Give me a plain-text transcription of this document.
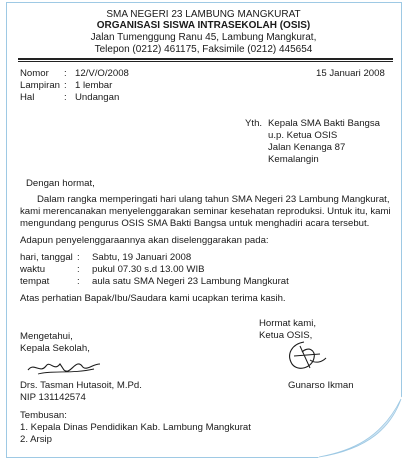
SMA NEGERI 23 LAMBUNG MANGKURAT
ORGANISASI SISWA INTRASEKOLAH (OSIS)
Jalan Tumenggung Ranu 45, Lambung Mangkurat,
Telepon (0212) 461175, Faksimile (0212) 445654
Nomor : 12/V/O/2008	15 Januari 2008
Lampiran : 1 lembar
Hal	: Undangan
Yth. Kepala SMA Bakti Bangsa
u.p. Ketua OSIS
Jalan Kenanga 87
Kemalangin
Dengan hormat,
Dalam rangka memperingati hari ulang tahun SMA Negeri 23 Lambung Mangkurat,
kami merencanakan menyelenggarakan seminar kesehatan reproduksi. Untuk itu, kami
mengundang pengurus OSIS SMA Bakti Bangsa untuk menghadiri acara tersebut.
Adapun penyelenggaraannya akan diselenggarakan pada:
hari, tanggal : Sabtu, 19 Januari 2008
waktu	: pukul 07.30 s.d 13.00 WIB
tempat	: aula satu SMA Negeri 23 Lambung Mangkurat
Atas perhatian Bapak/Ibu/Saudara kami ucapkan terima kasih.
Hormat kami,
Ketua OSIS,
Mengetahui,
Kepala Sekolah,
Drs. Tasman Hutasoit, M.Pd.
NIP 131142574
Gunarso Ikman
Tembusan:
1. Kepala Dinas Pendidikan Kab. Lambung Mangkurat
2. Arsip
